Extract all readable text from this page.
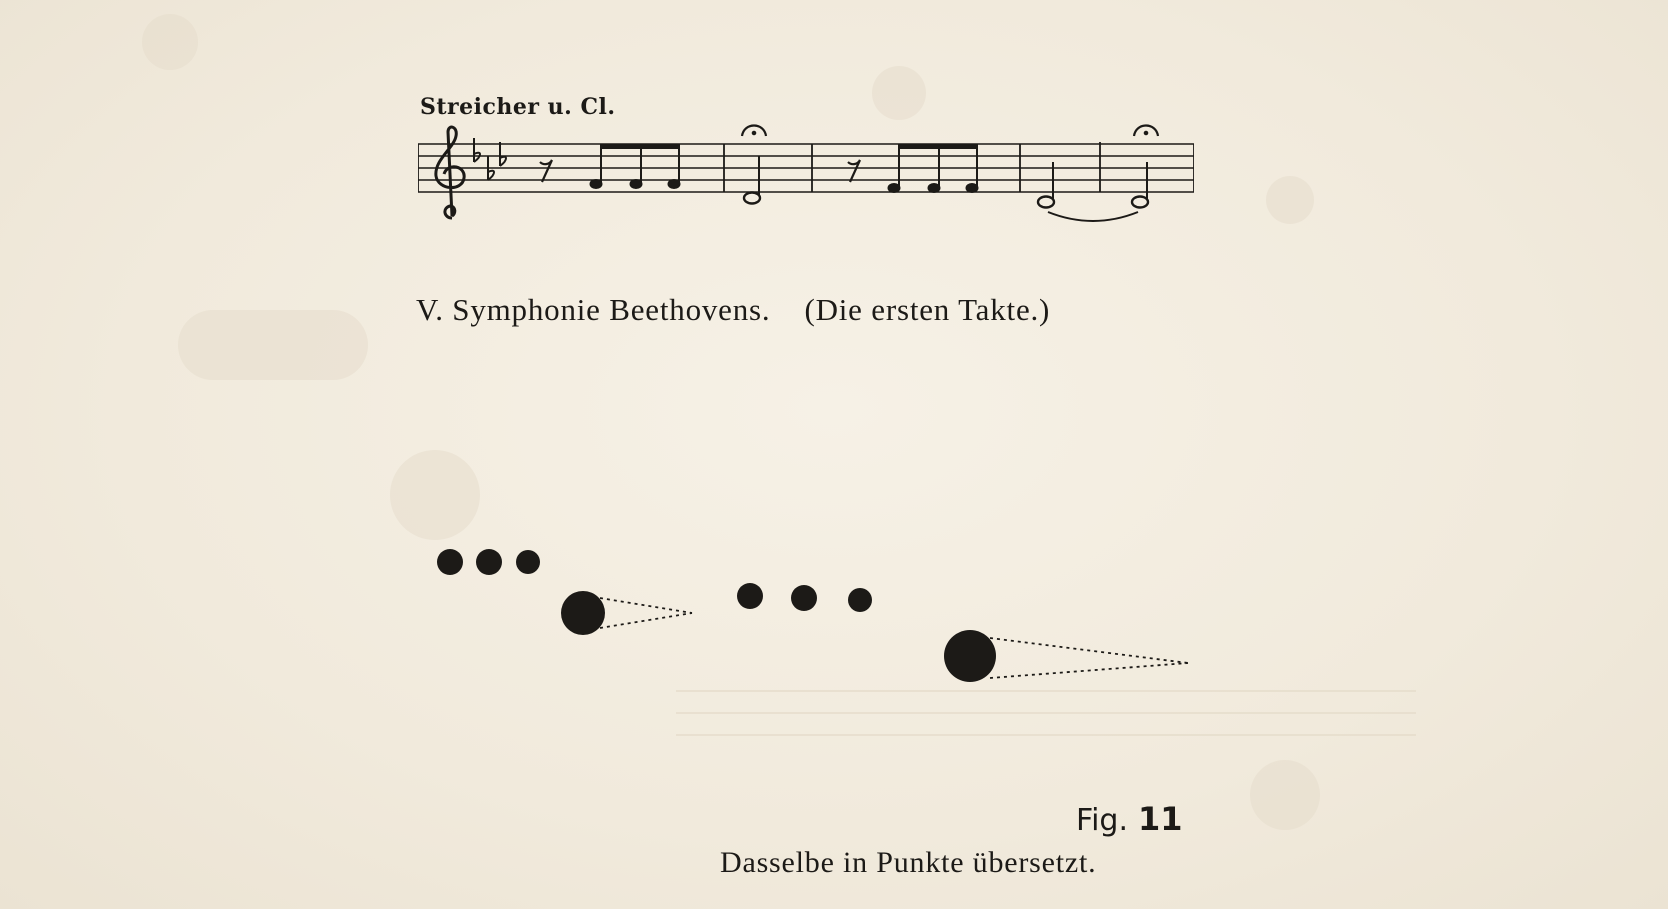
Streicher u. Cl.
V. Symphonie Beethovens. (Die ersten Takte.)
Fig. 11
Dasselbe in Punkte übersetzt.
